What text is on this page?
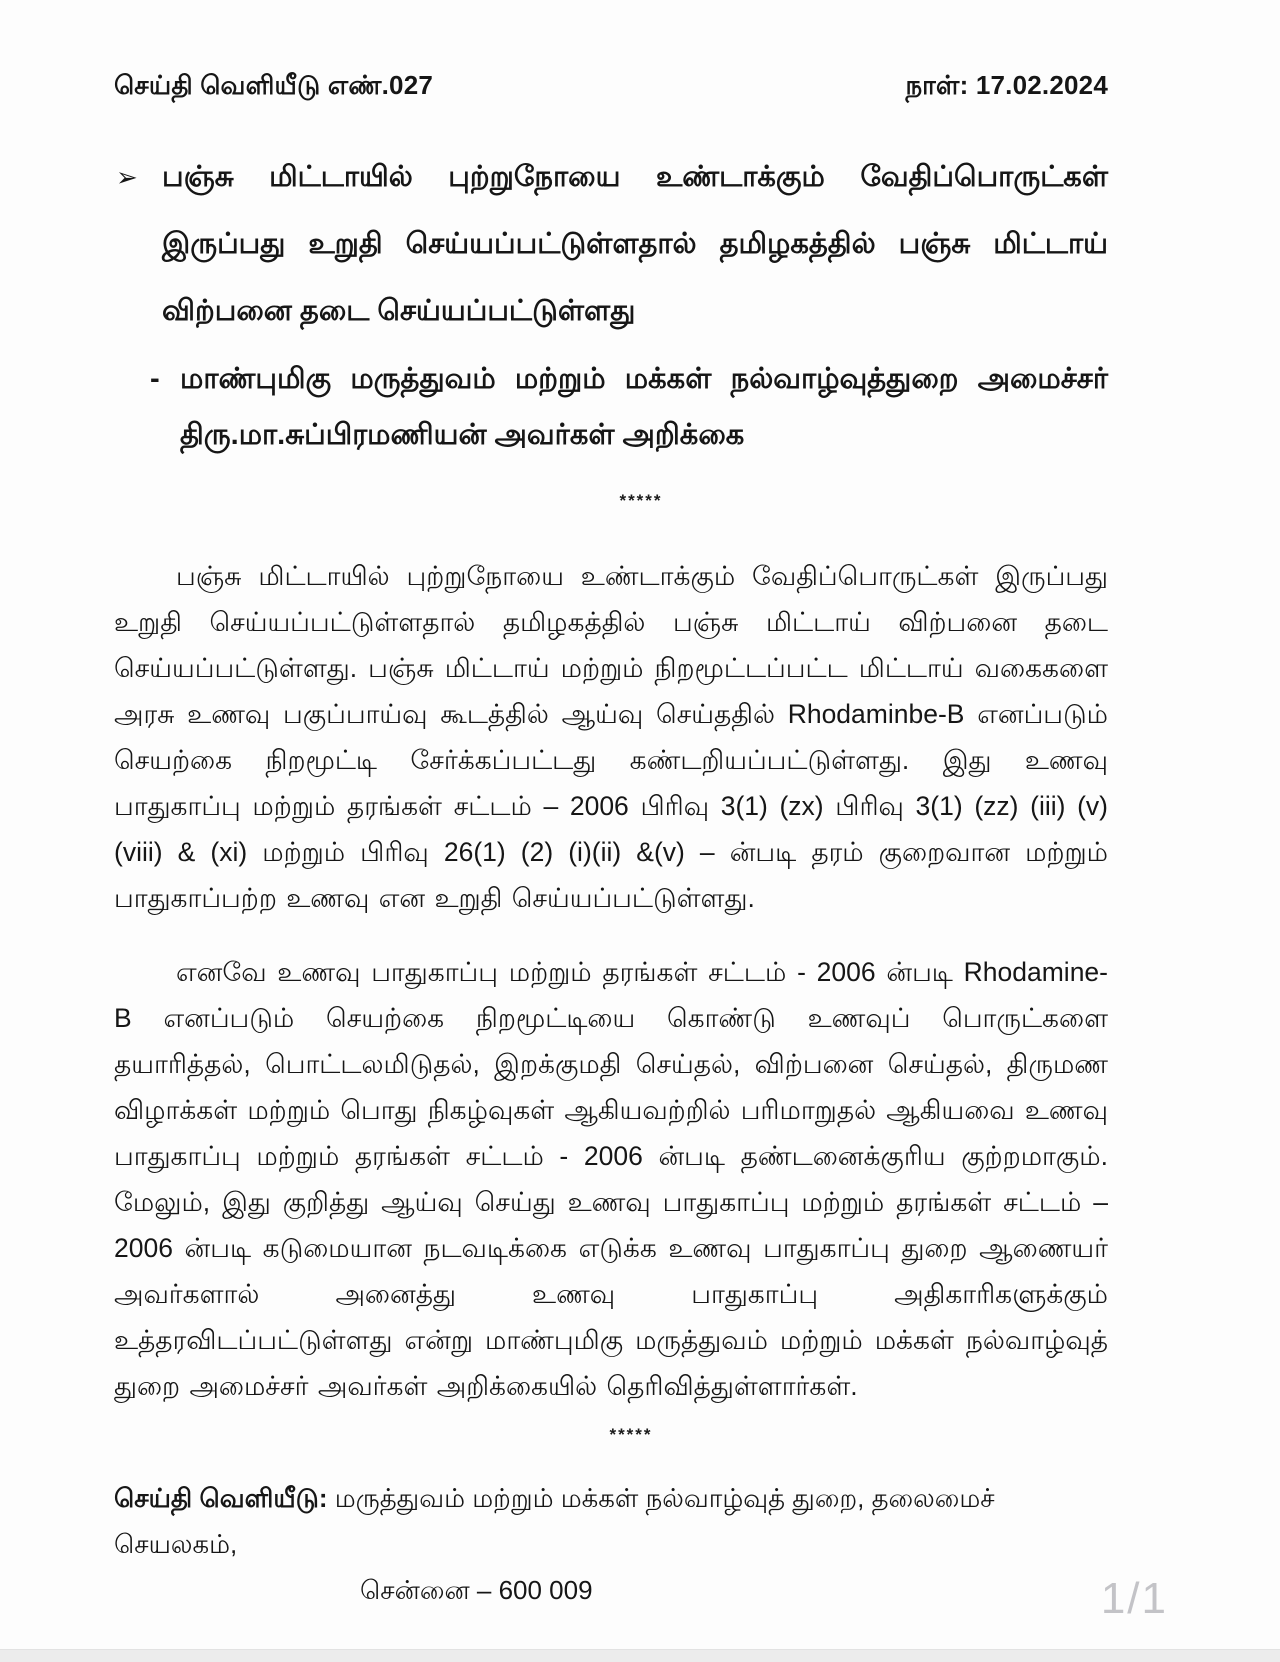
செய்தி வெளியீடு எண்.027	நாள்: 17.02.2024
➢ பஞ்சு மிட்டாயில் புற்றுநோயை உண்டாக்கும் வேதிப்பொருட்கள் இருப்பது உறுதி செய்யப்பட்டுள்ளதால் தமிழகத்தில் பஞ்சு மிட்டாய் விற்பனை தடை செய்யப்பட்டுள்ளது
- மாண்புமிகு மருத்துவம் மற்றும் மக்கள் நல்வாழ்வுத்துறை அமைச்சர் திரு.மா.சுப்பிரமணியன் அவர்கள் அறிக்கை
*****

பஞ்சு மிட்டாயில் புற்றுநோயை உண்டாக்கும் வேதிப்பொருட்கள் இருப்பது உறுதி செய்யப்பட்டுள்ளதால் தமிழகத்தில் பஞ்சு மிட்டாய் விற்பனை தடை செய்யப்பட்டுள்ளது. பஞ்சு மிட்டாய் மற்றும் நிறமூட்டப்பட்ட மிட்டாய் வகைகளை அரசு உணவு பகுப்பாய்வு கூடத்தில் ஆய்வு செய்ததில் Rhodaminbe-B எனப்படும் செயற்கை நிறமூட்டி சேர்க்கப்பட்டது கண்டறியப்பட்டுள்ளது. இது உணவு பாதுகாப்பு மற்றும் தரங்கள் சட்டம் – 2006 பிரிவு 3(1) (zx) பிரிவு 3(1) (zz) (iii) (v) (viii) & (xi) மற்றும் பிரிவு 26(1) (2) (i)(ii) &(v) – ன்படி தரம் குறைவான மற்றும் பாதுகாப்பற்ற உணவு என உறுதி செய்யப்பட்டுள்ளது.

எனவே உணவு பாதுகாப்பு மற்றும் தரங்கள் சட்டம் - 2006 ன்படி Rhodamine-B எனப்படும் செயற்கை நிறமூட்டியை கொண்டு உணவுப் பொருட்களை தயாரித்தல், பொட்டலமிடுதல், இறக்குமதி செய்தல், விற்பனை செய்தல், திருமண விழாக்கள் மற்றும் பொது நிகழ்வுகள் ஆகியவற்றில் பரிமாறுதல் ஆகியவை உணவு பாதுகாப்பு மற்றும் தரங்கள் சட்டம் - 2006 ன்படி தண்டனைக்குரிய குற்றமாகும். மேலும், இது குறித்து ஆய்வு செய்து உணவு பாதுகாப்பு மற்றும் தரங்கள் சட்டம் – 2006 ன்படி கடுமையான நடவடிக்கை எடுக்க உணவு பாதுகாப்பு துறை ஆணையர் அவர்களால் அனைத்து உணவு பாதுகாப்பு அதிகாரிகளுக்கும் உத்தரவிடப்பட்டுள்ளது என்று மாண்புமிகு மருத்துவம் மற்றும் மக்கள் நல்வாழ்வுத் துறை அமைச்சர் அவர்கள் அறிக்கையில் தெரிவித்துள்ளார்கள்.

*****
செய்தி வெளியீடு: மருத்துவம் மற்றும் மக்கள் நல்வாழ்வுத் துறை, தலைமைச் செயலகம்,
சென்னை – 600 009	1/1
